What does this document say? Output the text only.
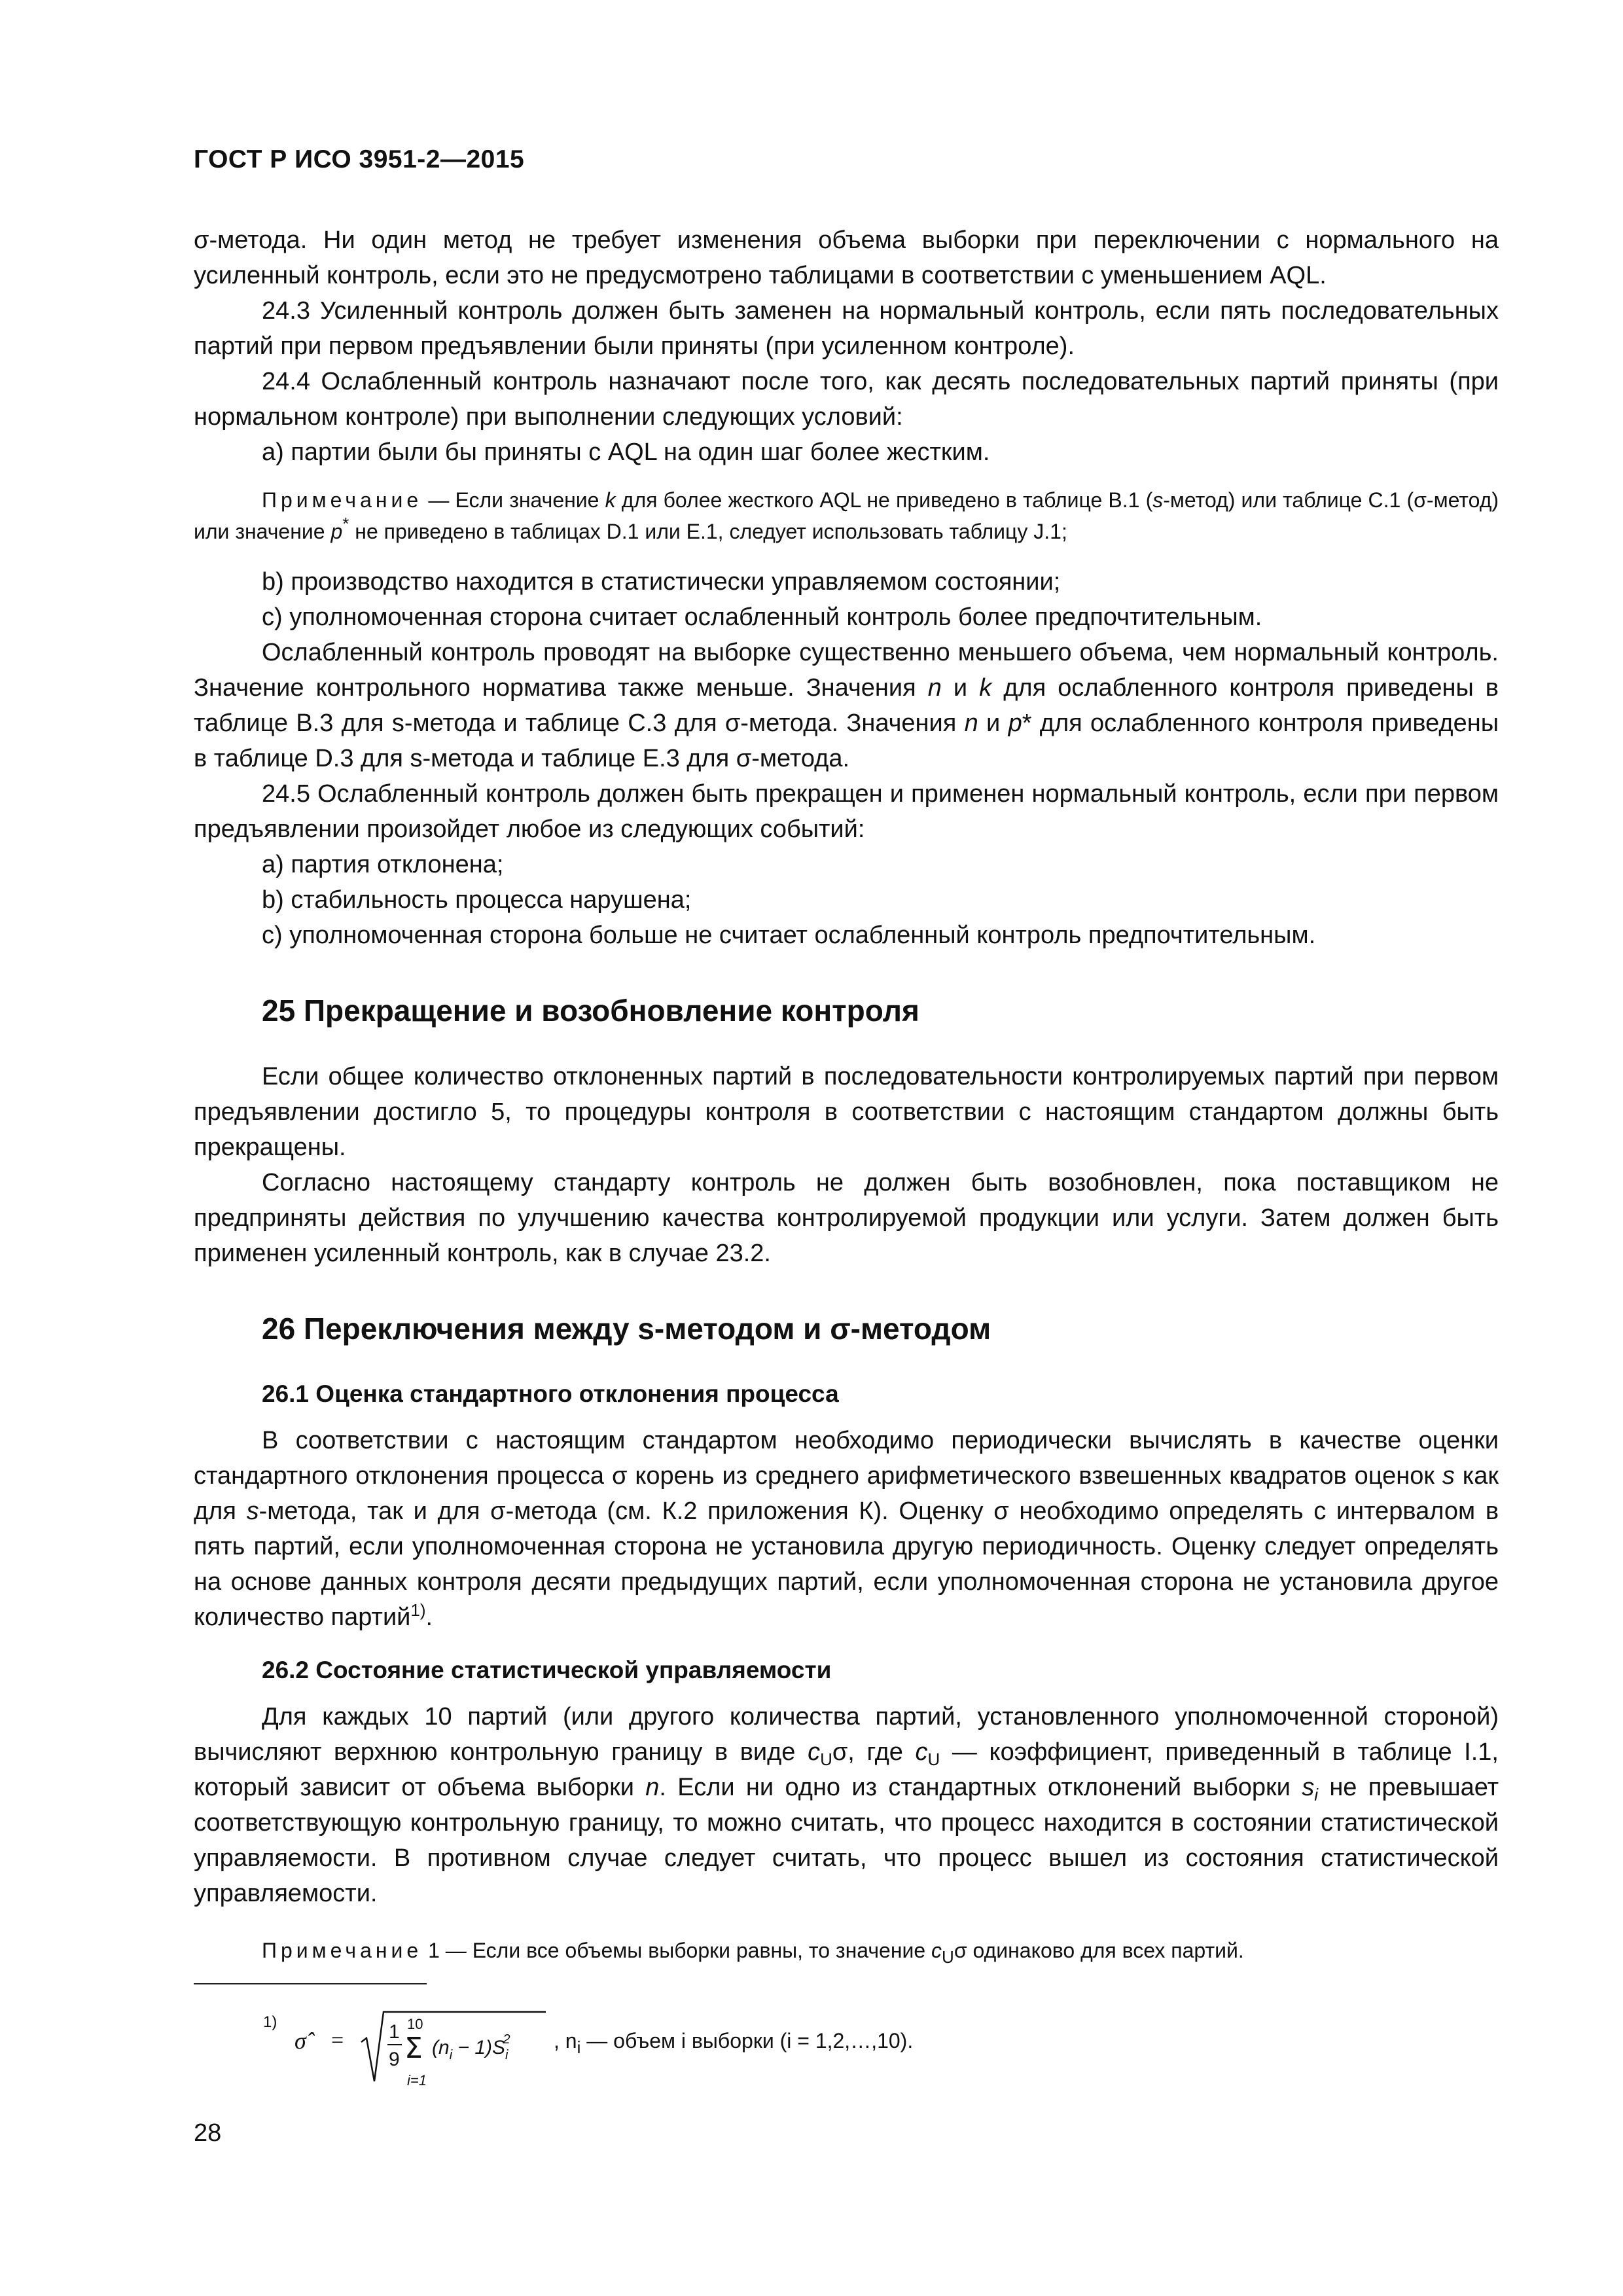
ГОСТ Р ИСО 3951-2—2015

σ-метода. Ни один метод не требует изменения объема выборки при переключении с нормального на усиленный контроль, если это не предусмотрено таблицами в соответствии с уменьшением AQL.

24.3 Усиленный контроль должен быть заменен на нормальный контроль, если пять последовательных партий при первом предъявлении были приняты (при усиленном контроле).

24.4 Ослабленный контроль назначают после того, как десять последовательных партий приняты (при нормальном контроле) при выполнении следующих условий:

a) партии были бы приняты с AQL на один шаг более жестким.

Примечание — Если значение k для более жесткого AQL не приведено в таблице B.1 (s-метод) или таблице C.1 (σ-метод) или значение p* не приведено в таблицах D.1 или E.1, следует использовать таблицу J.1;

b) производство находится в статистически управляемом состоянии;

c) уполномоченная сторона считает ослабленный контроль более предпочтительным.

Ослабленный контроль проводят на выборке существенно меньшего объема, чем нормальный контроль. Значение контрольного норматива также меньше. Значения n и k для ослабленного контроля приведены в таблице B.3 для s-метода и таблице C.3 для σ-метода. Значения n и p* для ослабленного контроля приведены в таблице D.3 для s-метода и таблице E.3 для σ-метода.

24.5 Ослабленный контроль должен быть прекращен и применен нормальный контроль, если при первом предъявлении произойдет любое из следующих событий:

a) партия отклонена;

b) стабильность процесса нарушена;

c) уполномоченная сторона больше не считает ослабленный контроль предпочтительным.

25 Прекращение и возобновление контроля

Если общее количество отклоненных партий в последовательности контролируемых партий при первом предъявлении достигло 5, то процедуры контроля в соответствии с настоящим стандартом должны быть прекращены.

Согласно настоящему стандарту контроль не должен быть возобновлен, пока поставщиком не предприняты действия по улучшению качества контролируемой продукции или услуги. Затем должен быть применен усиленный контроль, как в случае 23.2.

26 Переключения между s-методом и σ-методом
26.1 Оценка стандартного отклонения процесса

В соответствии с настоящим стандартом необходимо периодически вычислять в качестве оценки стандартного отклонения процесса σ корень из среднего арифметического взвешенных квадратов оценок s как для s-метода, так и для σ-метода (см. К.2 приложения К). Оценку σ необходимо определять с интервалом в пять партий, если уполномоченная сторона не установила другую периодичность. Оценку следует определять на основе данных контроля десяти предыдущих партий, если уполномоченная сторона не установила другое количество партий$^{1)}$.

26.2 Состояние статистической управляемости

Для каждых 10 партий (или другого количества партий, установленного уполномоченной стороной) вычисляют верхнюю контрольную границу в виде $c_U\sigma$, где $c_U$ — коэффициент, приведенный в таблице I.1, который зависит от объема выборки n. Если ни одно из стандартных отклонений выборки $s_i$ не превышает соответствующую контрольную границу, то можно считать, что процесс находится в состоянии статистической управляемости. В противном случае следует считать, что процесс вышел из состояния статистической управляемости.

Примечание 1 — Если все объемы выборки равны, то значение $c_U\sigma$ одинаково для всех партий.

1)
σ̂	= 1
9
10
Σ
i=1
$(n_i - 1)S_i2$ , $n_i$ — объем i выборки (i = 1,2,…,10).
28
